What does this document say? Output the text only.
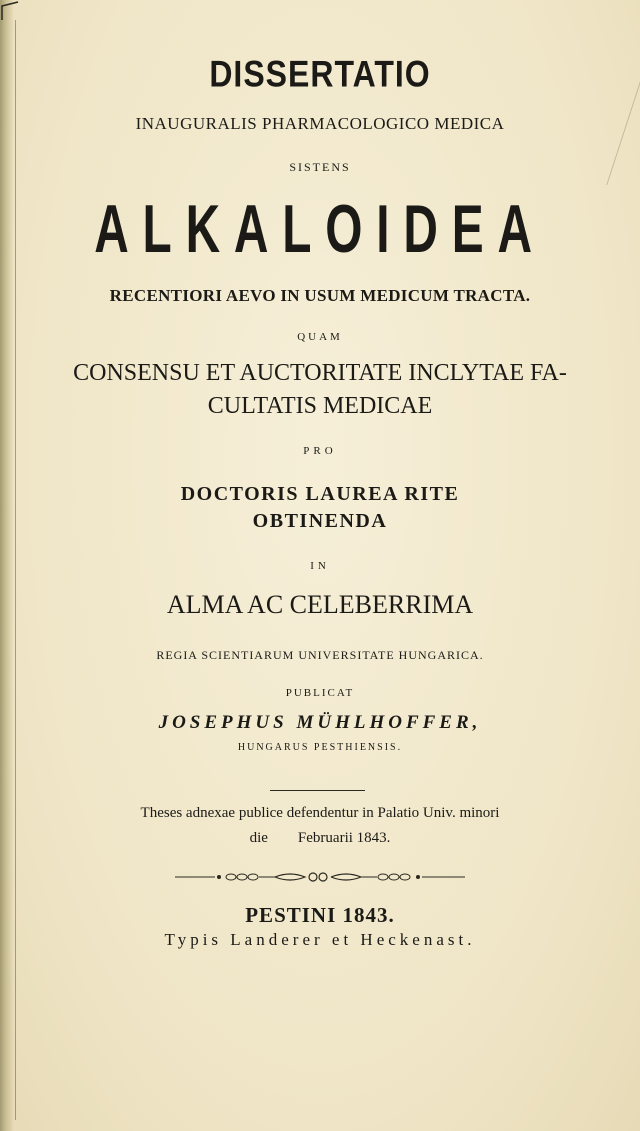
DISSERTATIO
INAUGURALIS PHARMACOLOGICO MEDICA
SISTENS
ALKALOIDEA
RECENTIORI AEVO IN USUM MEDICUM TRACTA.
QUAM
CONSENSU ET AUCTORITATE INCLYTAE FA-
CULTATIS MEDICAE
PRO
DOCTORIS LAUREA RITE
OBTINENDA
IN
ALMA AC CELEBERRIMA
REGIA SCIENTIARUM UNIVERSITATE HUNGARICA.
PUBLICAT
JOSEPHUS MÜHLHOFFER,
HUNGARUS PESTHIENSIS.
Theses adnexae publice defendentur in Palatio Univ. minori
die        Februarii 1843.
PESTINI 1843.
Typis Landerer et Heckenast.
